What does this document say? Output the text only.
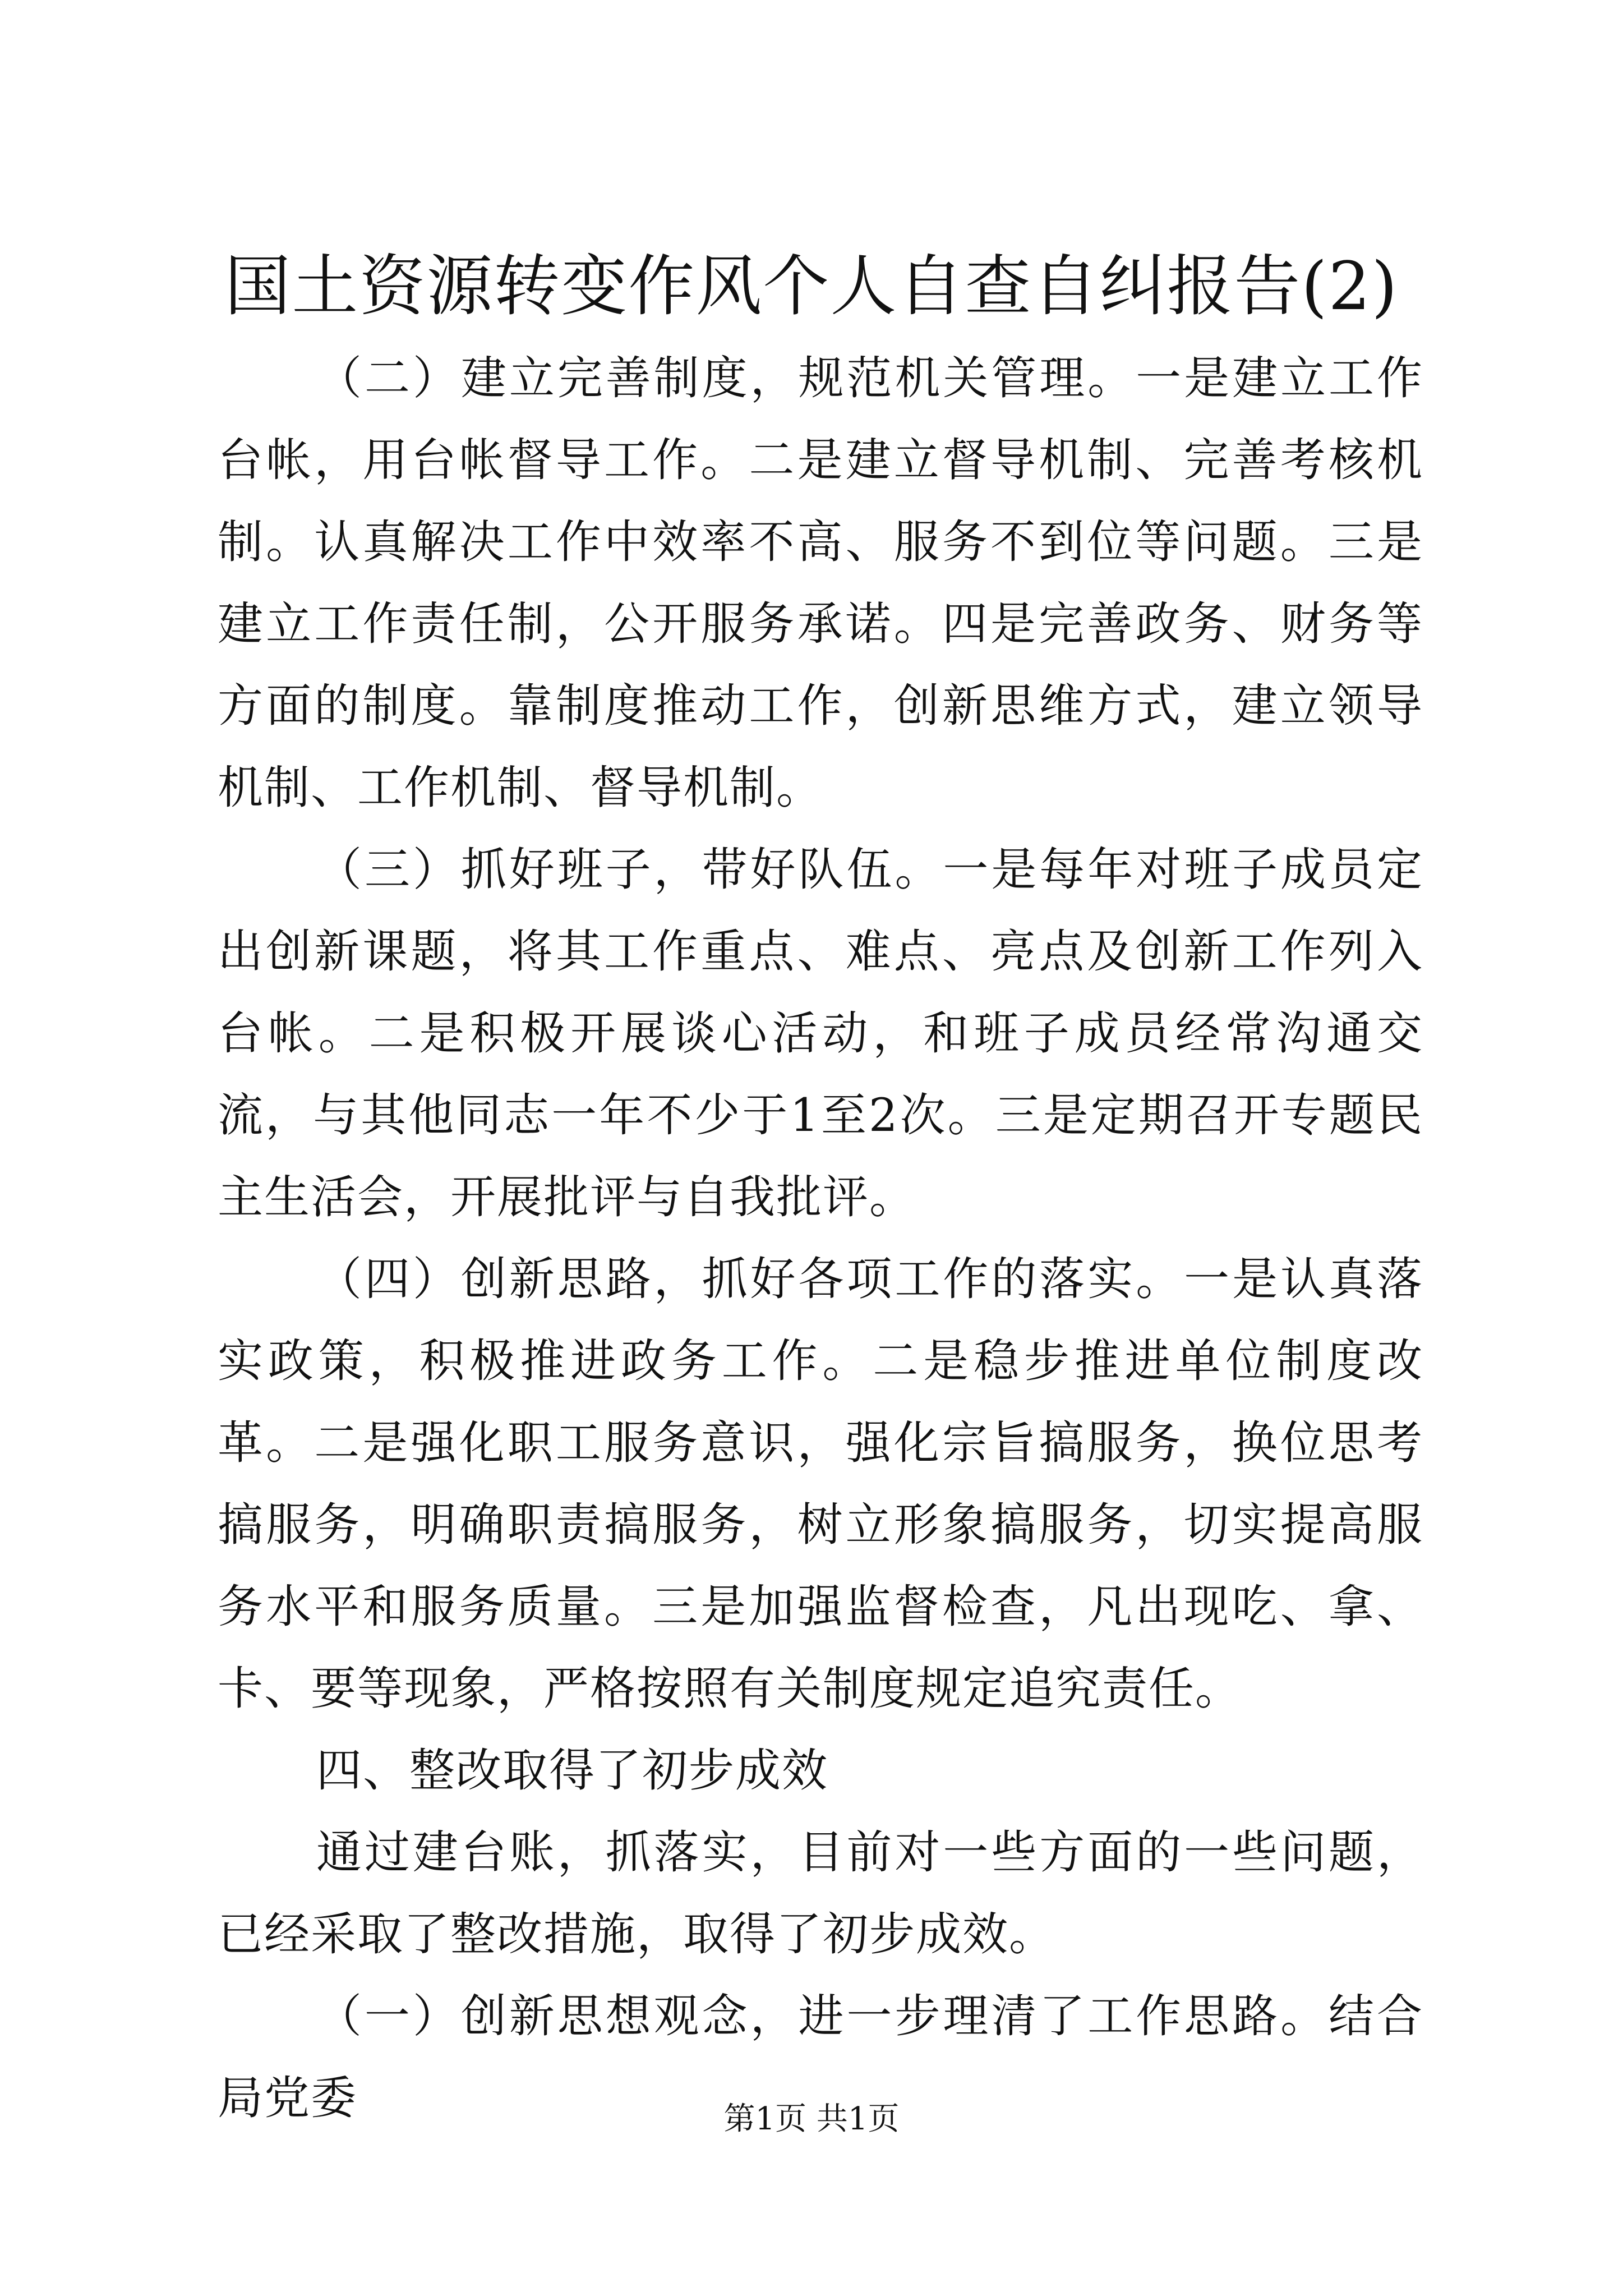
国土资源转变作风个人自查自纠报告(2)

（二）建立完善制度，规范机关管理。一是建立工作台帐，用台帐督导工作。二是建立督导机制、完善考核机制。认真解决工作中效率不高、服务不到位等问题。三是建立工作责任制，公开服务承诺。四是完善政务、财务等方面的制度。靠制度推动工作，创新思维方式，建立领导机制、工作机制、督导机制。

（三）抓好班子，带好队伍。一是每年对班子成员定出创新课题，将其工作重点、难点、亮点及创新工作列入台帐。二是积极开展谈心活动，和班子成员经常沟通交流，与其他同志一年不少于1至2次。三是定期召开专题民主生活会，开展批评与自我批评。

（四）创新思路，抓好各项工作的落实。一是认真落实政策，积极推进政务工作。二是稳步推进单位制度改革。二是强化职工服务意识，强化宗旨搞服务，换位思考搞服务，明确职责搞服务，树立形象搞服务，切实提高服务水平和服务质量。三是加强监督检查，凡出现吃、拿、卡、要等现象，严格按照有关制度规定追究责任。

四、整改取得了初步成效

通过建台账，抓落实，目前对一些方面的一些问题，已经采取了整改措施，取得了初步成效。

（一）创新思想观念，进一步理清了工作思路。结合局党委	第1页 共1页
